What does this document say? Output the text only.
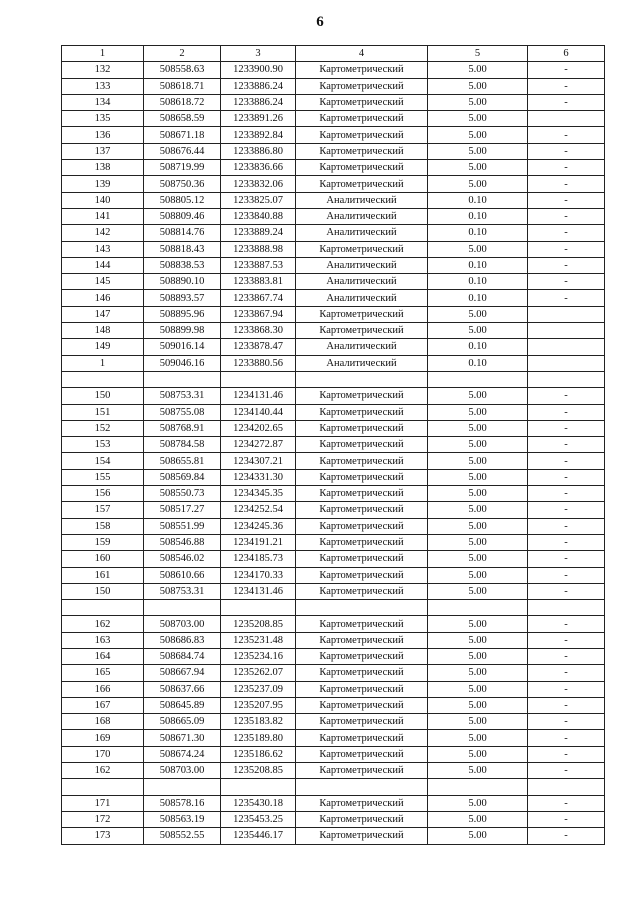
6
1	2	3	4	5	6
132	508558.63	1233900.90	Картометрический	5.00	-
133	508618.71	1233886.24	Картометрический	5.00	-
134	508618.72	1233886.24	Картометрический	5.00	-
135	508658.59	1233891.26	Картометрический	5.00	
136	508671.18	1233892.84	Картометрический	5.00	-
137	508676.44	1233886.80	Картометрический	5.00	-
138	508719.99	1233836.66	Картометрический	5.00	-
139	508750.36	1233832.06	Картометрический	5.00	-
140	508805.12	1233825.07	Аналитический	0.10	-
141	508809.46	1233840.88	Аналитический	0.10	-
142	508814.76	1233889.24	Аналитический	0.10	-
143	508818.43	1233888.98	Картометрический	5.00	-
144	508838.53	1233887.53	Аналитический	0.10	-
145	508890.10	1233883.81	Аналитический	0.10	-
146	508893.57	1233867.74	Аналитический	0.10	-
147	508895.96	1233867.94	Картометрический	5.00	
148	508899.98	1233868.30	Картометрический	5.00	
149	509016.14	1233878.47	Аналитический	0.10	
1	509046.16	1233880.56	Аналитический	0.10	

150	508753.31	1234131.46	Картометрический	5.00	-
151	508755.08	1234140.44	Картометрический	5.00	-
152	508768.91	1234202.65	Картометрический	5.00	-
153	508784.58	1234272.87	Картометрический	5.00	-
154	508655.81	1234307.21	Картометрический	5.00	-
155	508569.84	1234331.30	Картометрический	5.00	-
156	508550.73	1234345.35	Картометрический	5.00	-
157	508517.27	1234252.54	Картометрический	5.00	-
158	508551.99	1234245.36	Картометрический	5.00	-
159	508546.88	1234191.21	Картометрический	5.00	-
160	508546.02	1234185.73	Картометрический	5.00	-
161	508610.66	1234170.33	Картометрический	5.00	-
150	508753.31	1234131.46	Картометрический	5.00	-

162	508703.00	1235208.85	Картометрический	5.00	-
163	508686.83	1235231.48	Картометрический	5.00	-
164	508684.74	1235234.16	Картометрический	5.00	-
165	508667.94	1235262.07	Картометрический	5.00	-
166	508637.66	1235237.09	Картометрический	5.00	-
167	508645.89	1235207.95	Картометрический	5.00	-
168	508665.09	1235183.82	Картометрический	5.00	-
169	508671.30	1235189.80	Картометрический	5.00	-
170	508674.24	1235186.62	Картометрический	5.00	-
162	508703.00	1235208.85	Картометрический	5.00	-

171	508578.16	1235430.18	Картометрический	5.00	-
172	508563.19	1235453.25	Картометрический	5.00	-
173	508552.55	1235446.17	Картометрический	5.00	-
